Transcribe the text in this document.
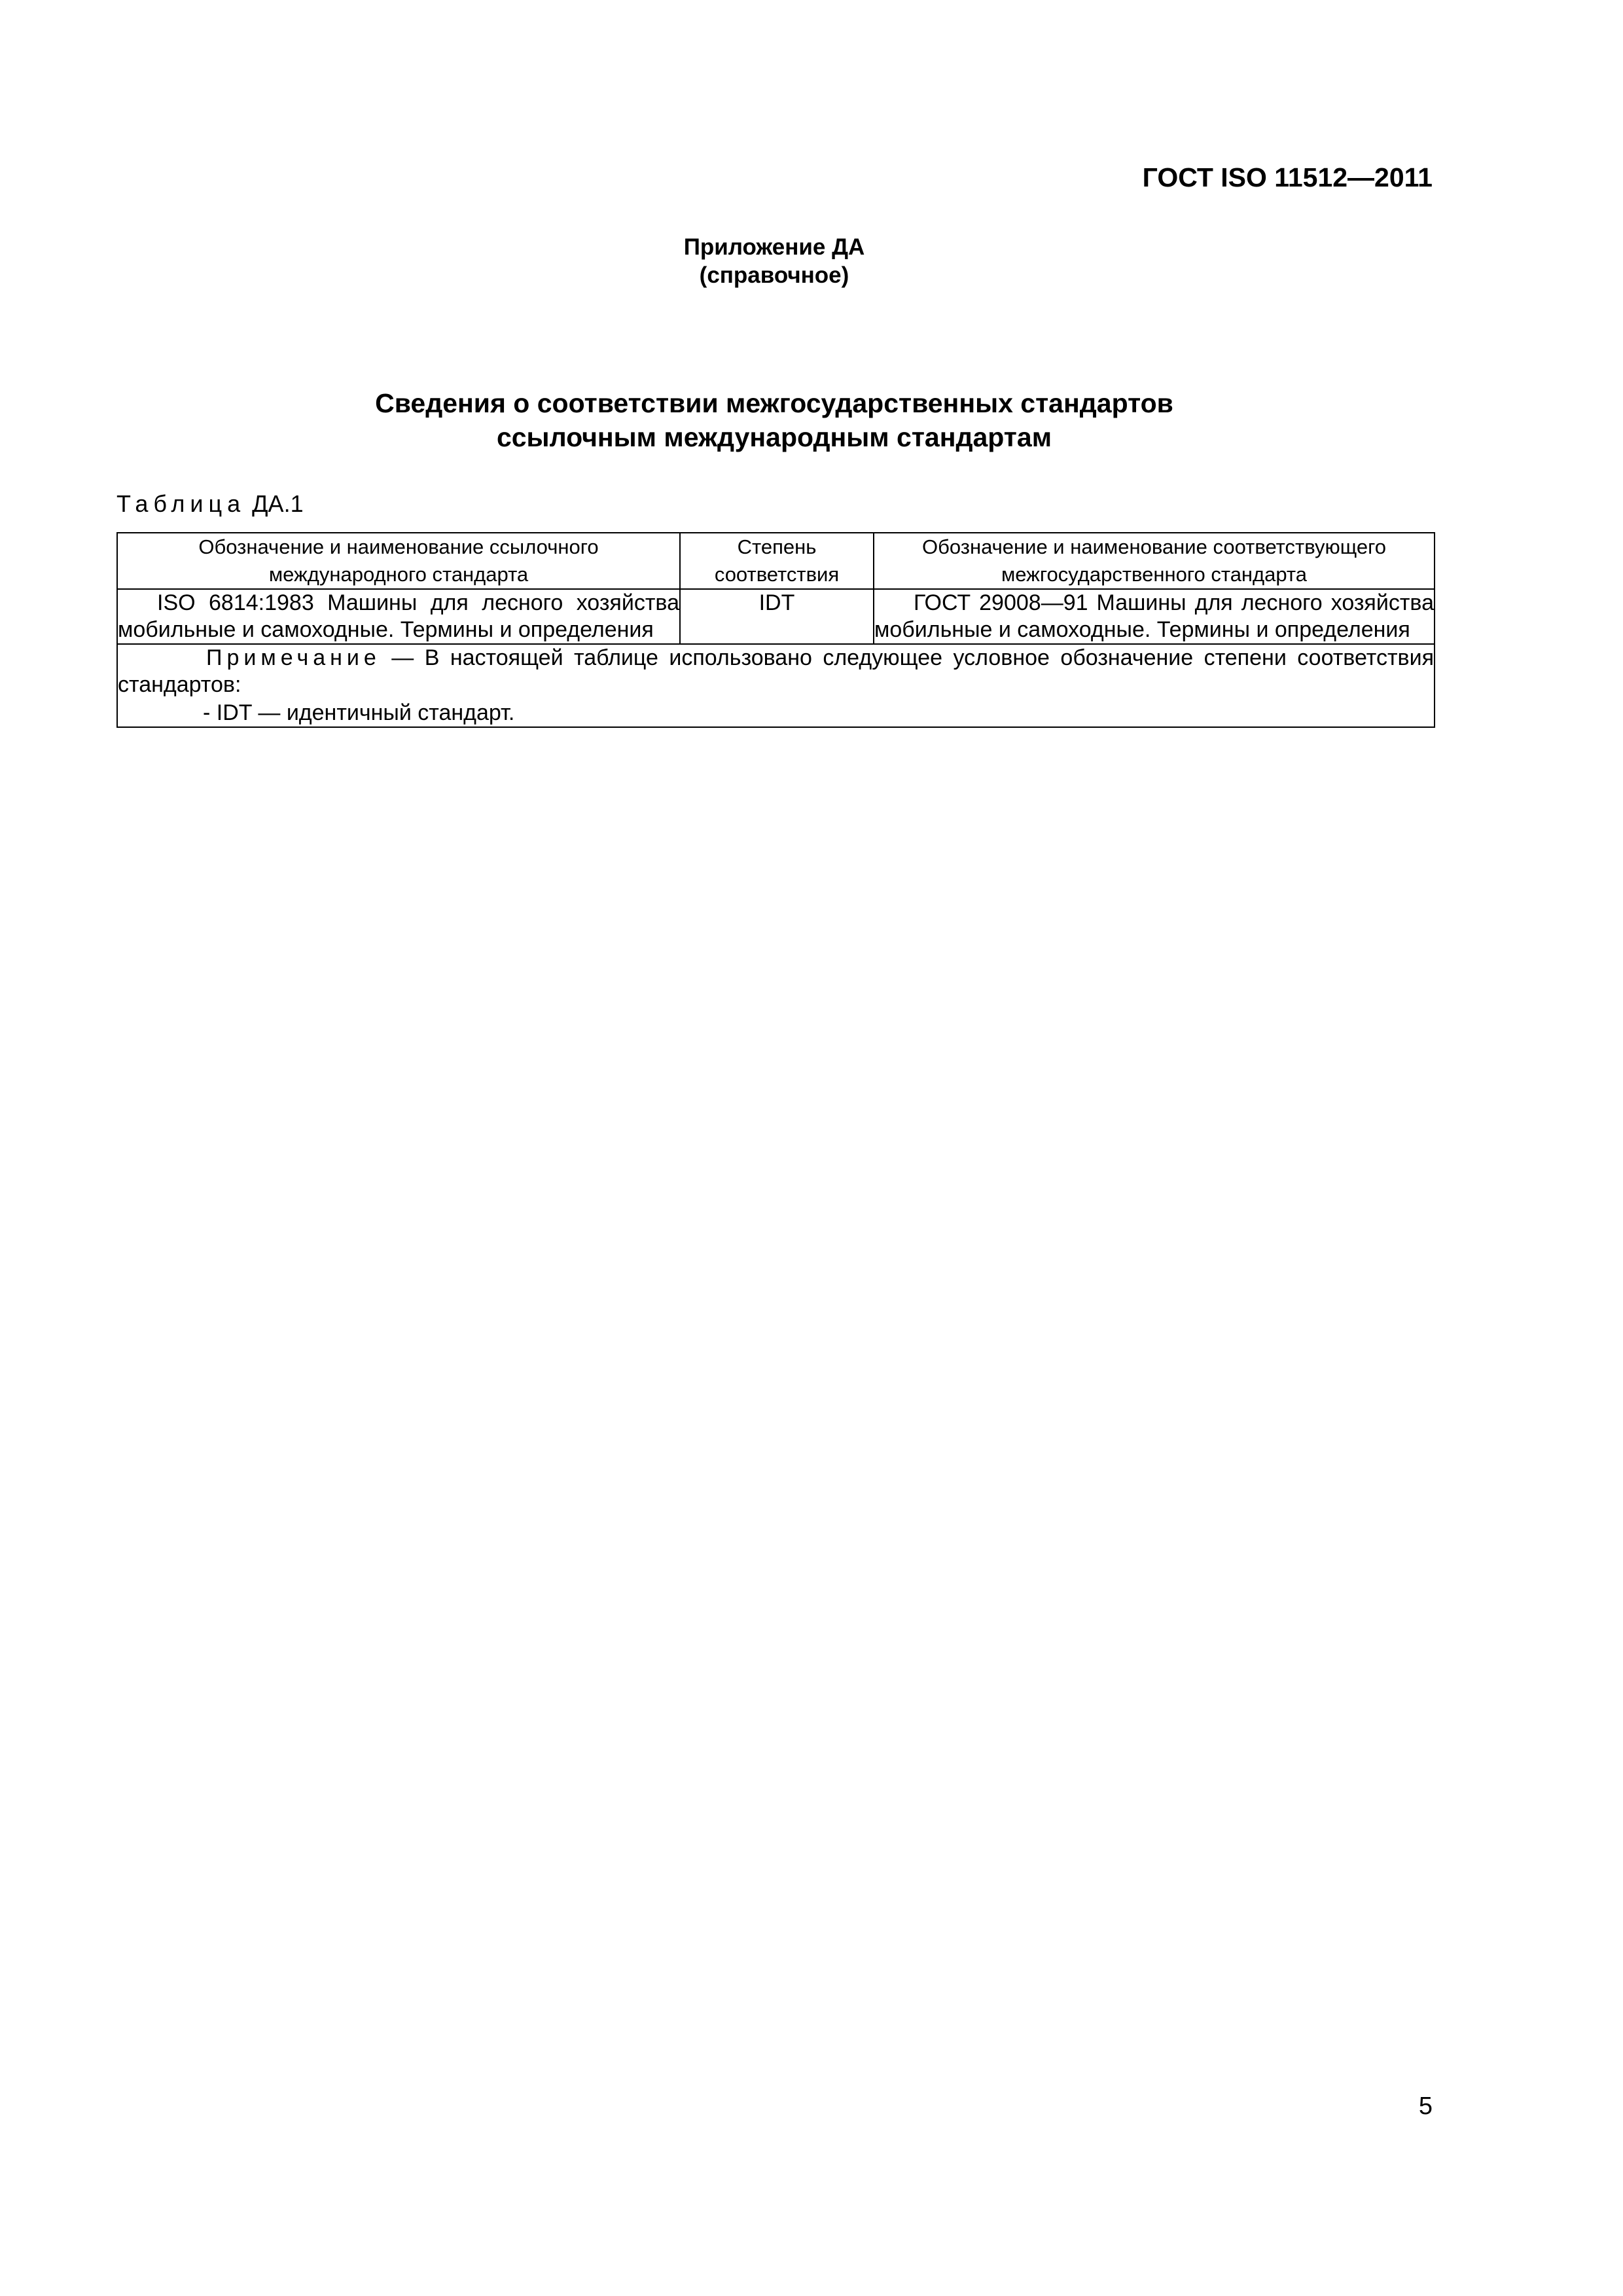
ГОСТ ISO 11512—2011
Приложение ДА
(справочное)
Сведения о соответствии межгосударственных стандартов
ссылочным международным стандартам
Таблица ДА.1
Обозначение и наименование ссылочного международного стандарта	Степень соответствия	Обозначение и наименование соответствующего межгосударственного стандарта

ISO 6814:1983 Машины для лесного хозяйства мобильные и самоходные. Термины и определения	IDT	ГОСТ 29008—91 Машины для лесного хозяйства мобильные и самоходные. Термины и определения

Примечание — В настоящей таблице использовано следующее условное обозначение степени соответствия стандартов:
- IDT — идентичный стандарт.		
5
